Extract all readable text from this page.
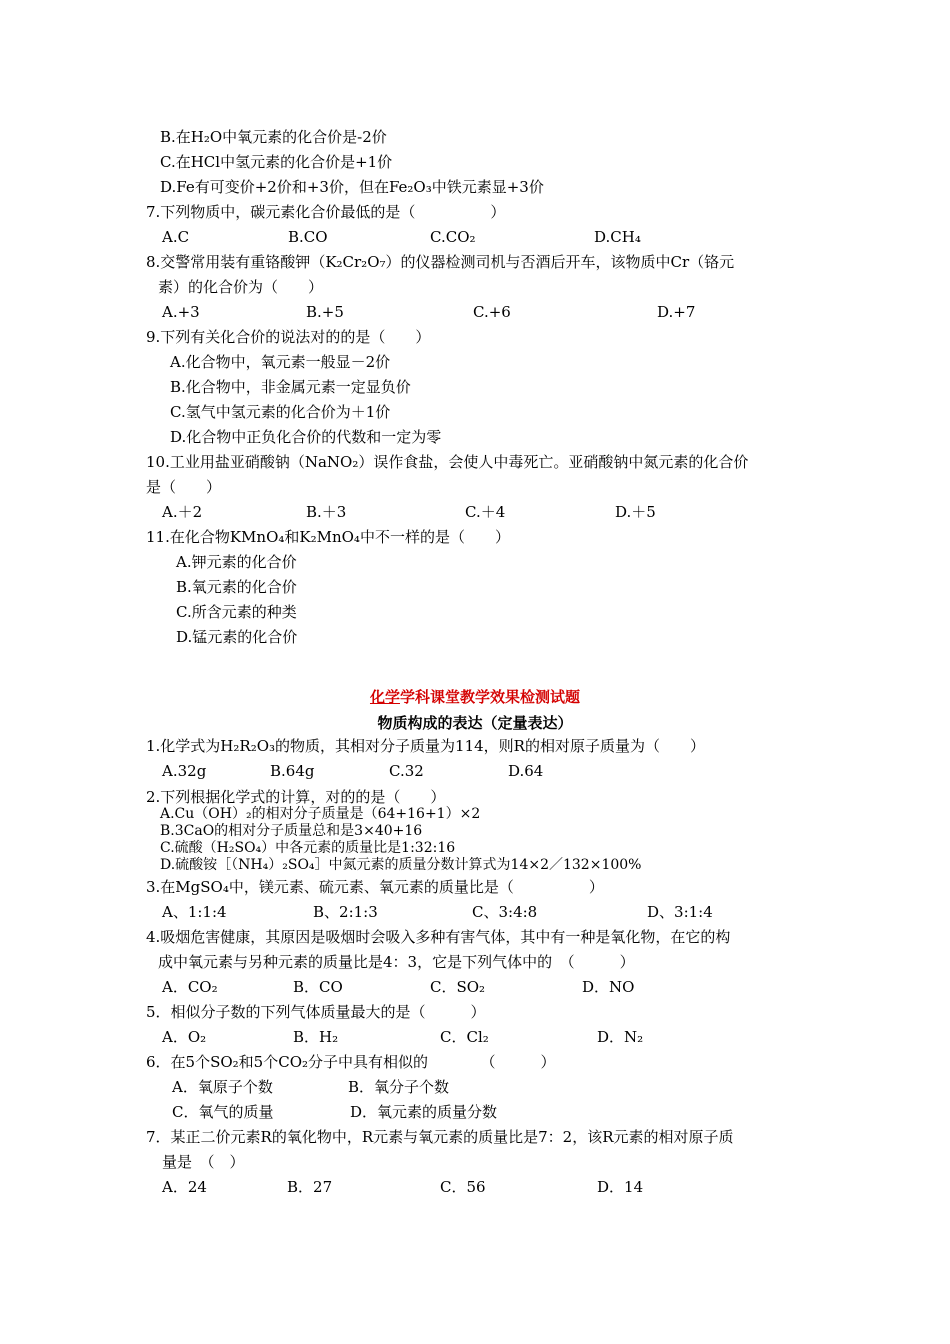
B.在H₂O中氧元素的化合价是-2价
C.在HCl中氢元素的化合价是+1价
D.Fe有可变价+2价和+3价，但在Fe₂O₃中铁元素显+3价
7.下列物质中，碳元素化合价最低的是（　　　　　）
A.C	B.CO	C.CO₂	D.CH₄
8.交警常用装有重铬酸钾（K₂Cr₂O₇）的仪器检测司机与否酒后开车，该物质中Cr（铬元
素）的化合价为（　　）
A.+3	B.+5	C.+6	D.+7
9.下列有关化合价的说法对的的是（　　）
A.化合物中，氧元素一般显－2价
B.化合物中，非金属元素一定显负价
C.氢气中氢元素的化合价为＋1价
D.化合物中正负化合价的代数和一定为零
10.工业用盐亚硝酸钠（NaNO₂）误作食盐，会使人中毒死亡。亚硝酸钠中氮元素的化合价
是（　　）
A.＋2	B.＋3	C.＋4	D.＋5
11.在化合物KMnO₄和K₂MnO₄中不一样的是（　　）
A.钾元素的化合价
B.氧元素的化合价
C.所含元素的种类
D.锰元素的化合价
化学学科课堂教学效果检测试题
物质构成的表达（定量表达）
1.化学式为H₂R₂O₃的物质，其相对分子质量为114，则R的相对原子质量为（　　）
A.32g	B.64g	C.32	D.64
2.下列根据化学式的计算，对的的是（　　）
A.Cu（OH）₂的相对分子质量是（64+16+1）×2
B.3CaO的相对分子质量总和是3×40+16
C.硫酸（H₂SO₄）中各元素的质量比是1:32:16
D.硫酸铵［（NH₄）₂SO₄］中氮元素的质量分数计算式为14×2／132×100%
3.在MgSO₄中，镁元素、硫元素、氧元素的质量比是（　　　　　）
A、1:1:4	B、2:1:3	C、3:4:8	D、3:1:4
4.吸烟危害健康，其原因是吸烟时会吸入多种有害气体，其中有一种是氧化物，在它的构
成中氧元素与另种元素的质量比是4：3，它是下列气体中的　（　　　）
A．CO₂	B．CO	C．SO₂	D．NO
5．相似分子数的下列气体质量最大的是（　　　）
A．O₂	B．H₂	C．Cl₂	D．N₂
6．在5个SO₂和5个CO₂分子中具有相似的　　　　（　　　）
A．氧原子个数	B．氧分子个数
C．氧气的质量	D．氧元素的质量分数
7．某正二价元素R的氧化物中，R元素与氧元素的质量比是7：2，该R元素的相对原子质
量是　（　）
A．24	B．27	C．56	D．14
